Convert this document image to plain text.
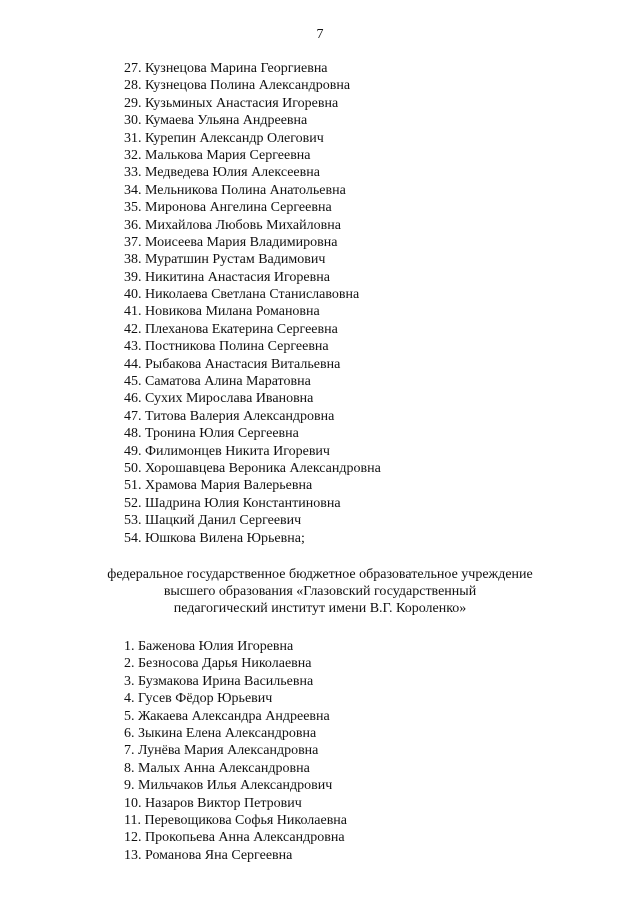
7
27. Кузнецова Марина Георгиевна
28. Кузнецова Полина Александровна
29. Кузьминых Анастасия Игоревна
30. Кумаева Ульяна Андреевна
31. Курепин Александр Олегович
32. Малькова Мария Сергеевна
33. Медведева Юлия Алексеевна
34. Мельникова Полина Анатольевна
35. Миронова Ангелина Сергеевна
36. Михайлова Любовь Михайловна
37. Моисеева Мария Владимировна
38. Муратшин Рустам Вадимович
39. Никитина Анастасия Игоревна
40. Николаева Светлана Станиславовна
41. Новикова Милана Романовна
42. Плеханова Екатерина Сергеевна
43. Постникова Полина Сергеевна
44. Рыбакова Анастасия Витальевна
45. Саматова Алина Маратовна
46. Сухих Мирослава Ивановна
47. Титова Валерия Александровна
48. Тронина Юлия Сергеевна
49. Филимонцев Никита Игоревич
50. Хорошавцева Вероника Александровна
51. Храмова Мария Валерьевна
52. Шадрина Юлия Константиновна
53. Шацкий Данил Сергеевич
54. Юшкова Вилена Юрьевна;
федеральное государственное бюджетное образовательное учреждение
высшего образования «Глазовский государственный
педагогический институт имени В.Г. Короленко»
1. Баженова Юлия Игоревна
2. Безносова Дарья Николаевна
3. Бузмакова Ирина Васильевна
4. Гусев Фёдор Юрьевич
5. Жакаева Александра Андреевна
6. Зыкина Елена Александровна
7. Лунёва Мария Александровна
8. Малых Анна Александровна
9. Мильчаков Илья Александрович
10. Назаров Виктор Петрович
11. Перевощикова Софья Николаевна
12. Прокопьева Анна Александровна
13. Романова Яна Сергеевна
